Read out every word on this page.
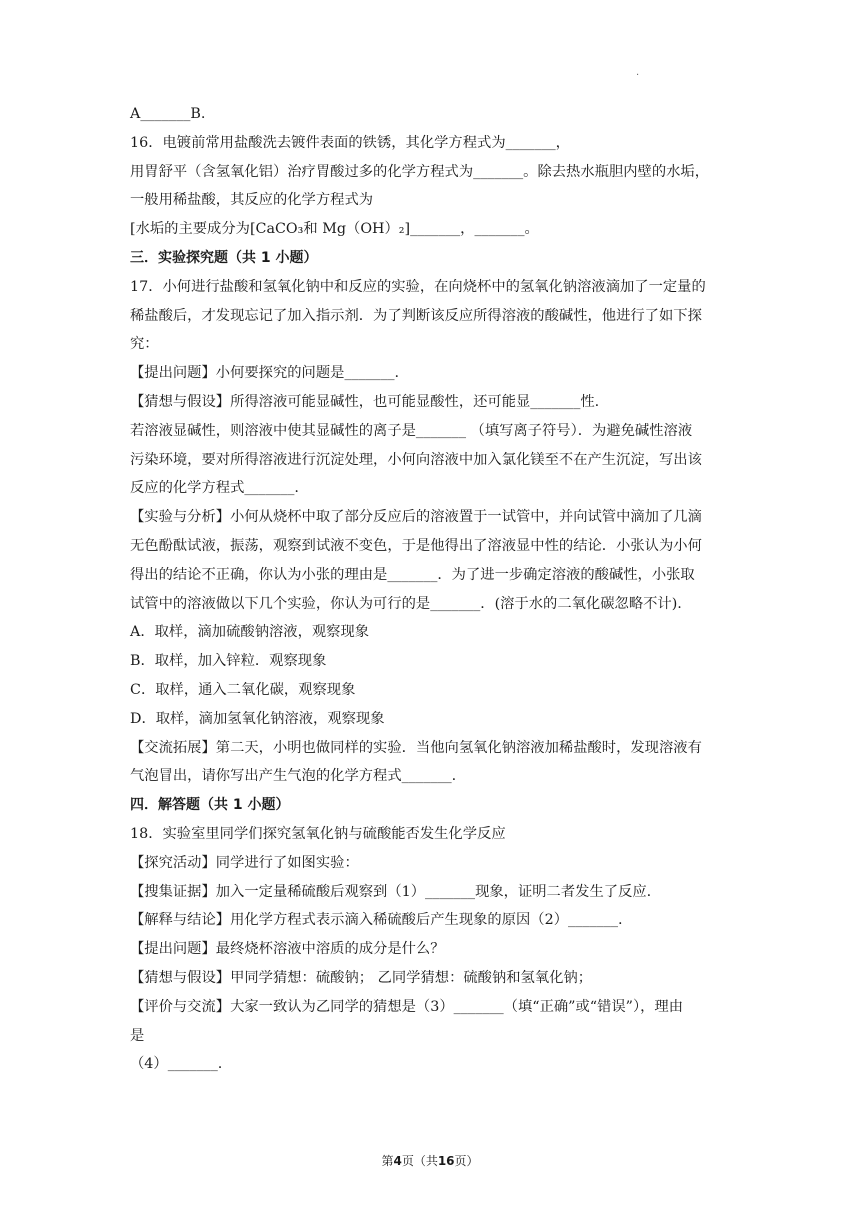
·
A_______B.
16．电镀前常用盐酸洗去镀件表面的铁锈，其化学方程式为_______，
用胃舒平（含氢氧化铝）治疗胃酸过多的化学方程式为_______。除去热水瓶胆内壁的水垢，
一般用稀盐酸，其反应的化学方程式为
[水垢的主要成分为[CaCO₃和 Mg（OH）₂]_______，_______。
三．实验探究题（共 1 小题）
17．小何进行盐酸和氢氧化钠中和反应的实验，在向烧杯中的氢氧化钠溶液滴加了一定量的
稀盐酸后，才发现忘记了加入指示剂．为了判断该反应所得溶液的酸碱性，他进行了如下探
究：
【提出问题】小何要探究的问题是_______.
【猜想与假设】所得溶液可能显碱性，也可能显酸性，还可能显_______性.
若溶液显碱性，则溶液中使其显碱性的离子是_______ （填写离子符号）．为避免碱性溶液
污染环境，要对所得溶液进行沉淀处理，小何向溶液中加入氯化镁至不在产生沉淀，写出该
反应的化学方程式_______.
【实验与分析】小何从烧杯中取了部分反应后的溶液置于一试管中，并向试管中滴加了几滴
无色酚酞试液，振荡，观察到试液不变色，于是他得出了溶液显中性的结论．小张认为小何
得出的结论不正确，你认为小张的理由是_______．为了进一步确定溶液的酸碱性，小张取
试管中的溶液做以下几个实验，你认为可行的是_______．(溶于水的二氧化碳忽略不计).
A．取样，滴加硫酸钠溶液，观察现象
B．取样，加入锌粒．观察现象
C．取样，通入二氧化碳，观察现象
D．取样，滴加氢氧化钠溶液，观察现象
【交流拓展】第二天，小明也做同样的实验．当他向氢氧化钠溶液加稀盐酸时，发现溶液有
气泡冒出，请你写出产生气泡的化学方程式_______.
四．解答题（共 1 小题）
18．实验室里同学们探究氢氧化钠与硫酸能否发生化学反应
【探究活动】同学进行了如图实验：
【搜集证据】加入一定量稀硫酸后观察到（1）_______现象，证明二者发生了反应.
【解释与结论】用化学方程式表示滴入稀硫酸后产生现象的原因（2）_______.
【提出问题】最终烧杯溶液中溶质的成分是什么？
【猜想与假设】甲同学猜想：硫酸钠； 乙同学猜想：硫酸钠和氢氧化钠；
【评价与交流】大家一致认为乙同学的猜想是（3）_______（填“正确”或“错误”），理由
是
（4）_______.
第4页（共16页）
